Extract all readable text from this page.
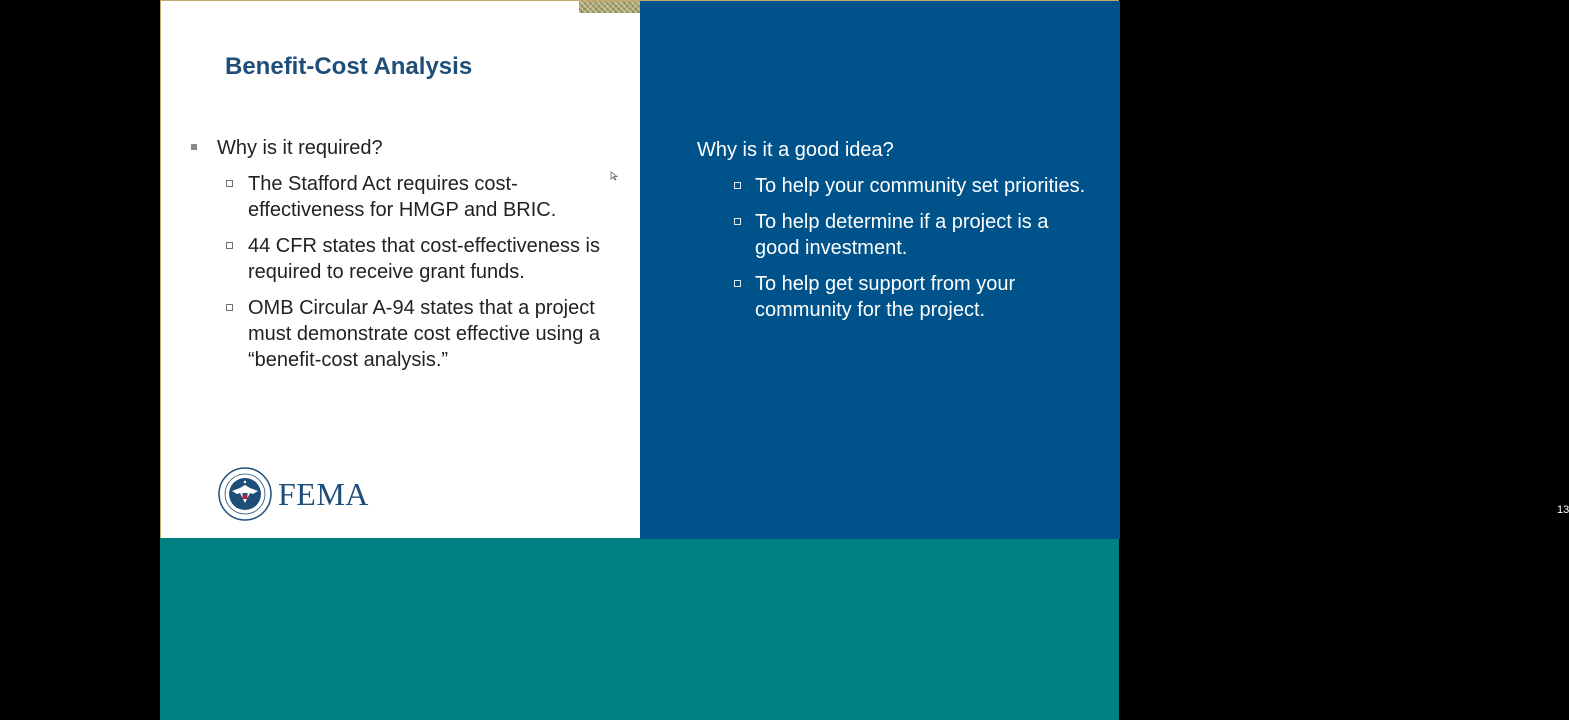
Benefit-Cost Analysis
Why is it required?
The Stafford Act requires cost-effectiveness for HMGP and BRIC.
44 CFR states that cost-effectiveness is required to receive grant funds.
OMB Circular A-94 states that a project must demonstrate cost effective using a “benefit-cost analysis.”
FEMA
Why is it a good idea?
To help your community set priorities.
To help determine if a project is a good investment.
To help get support from your community for the project.
13
